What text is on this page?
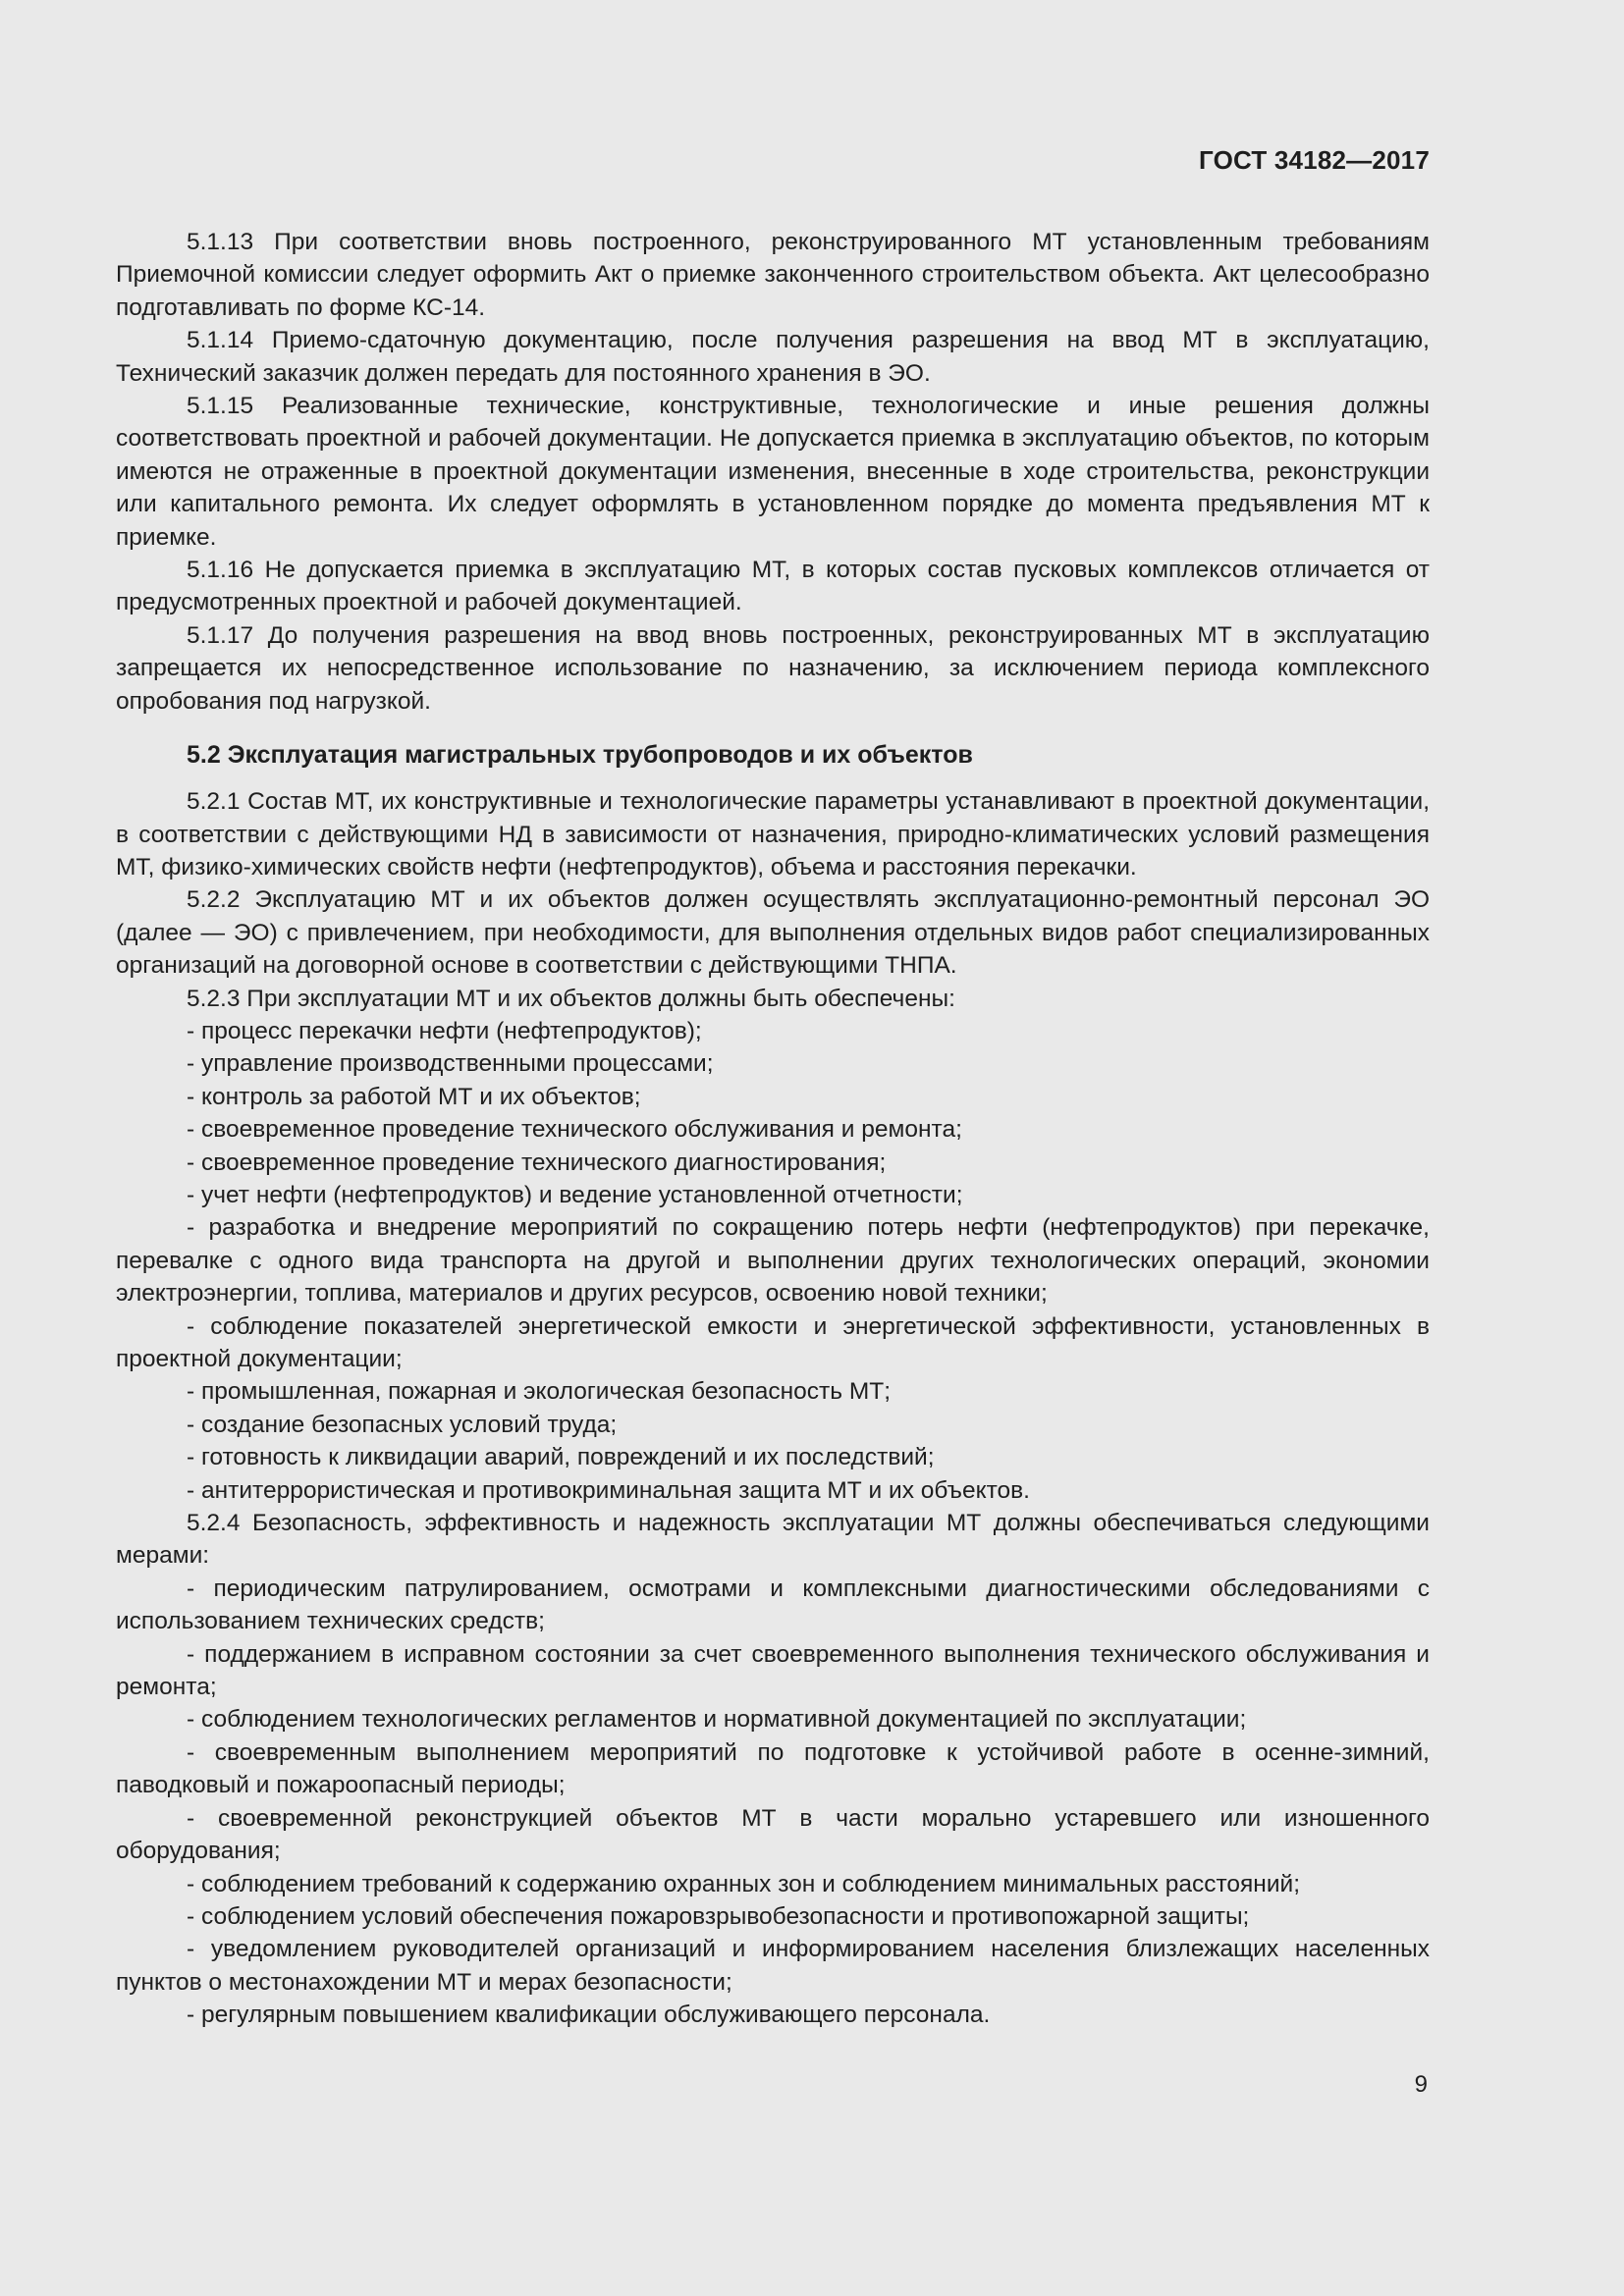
ГОСТ 34182—2017

5.1.13 При соответствии вновь построенного, реконструированного МТ установленным требованиям Приемочной комиссии следует оформить Акт о приемке законченного строительством объекта. Акт целесообразно подготавливать по форме КС-14.

5.1.14 Приемо-сдаточную документацию, после получения разрешения на ввод МТ в эксплуатацию, Технический заказчик должен передать для постоянного хранения в ЭО.

5.1.15 Реализованные технические, конструктивные, технологические и иные решения должны соответствовать проектной и рабочей документации. Не допускается приемка в эксплуатацию объектов, по которым имеются не отраженные в проектной документации изменения, внесенные в ходе строительства, реконструкции или капитального ремонта. Их следует оформлять в установленном порядке до момента предъявления МТ к приемке.

5.1.16 Не допускается приемка в эксплуатацию МТ, в которых состав пусковых комплексов отличается от предусмотренных проектной и рабочей документацией.

5.1.17 До получения разрешения на ввод вновь построенных, реконструированных МТ в эксплуатацию запрещается их непосредственное использование по назначению, за исключением периода комплексного опробования под нагрузкой.

5.2 Эксплуатация магистральных трубопроводов и их объектов

5.2.1 Состав МТ, их конструктивные и технологические параметры устанавливают в проектной документации, в соответствии с действующими НД в зависимости от назначения, природно-климатических условий размещения МТ, физико-химических свойств нефти (нефтепродуктов), объема и расстояния перекачки.

5.2.2 Эксплуатацию МТ и их объектов должен осуществлять эксплуатационно-ремонтный персонал ЭО (далее — ЭО) с привлечением, при необходимости, для выполнения отдельных видов работ специализированных организаций на договорной основе в соответствии с действующими ТНПА.

5.2.3 При эксплуатации МТ и их объектов должны быть обеспечены:

- процесс перекачки нефти (нефтепродуктов);

- управление производственными процессами;

- контроль за работой МТ и их объектов;

- своевременное проведение технического обслуживания и ремонта;

- своевременное проведение технического диагностирования;

- учет нефти (нефтепродуктов) и ведение установленной отчетности;

- разработка и внедрение мероприятий по сокращению потерь нефти (нефтепродуктов) при перекачке, перевалке с одного вида транспорта на другой и выполнении других технологических операций, экономии электроэнергии, топлива, материалов и других ресурсов, освоению новой техники;

- соблюдение показателей энергетической емкости и энергетической эффективности, установленных в проектной документации;

- промышленная, пожарная и экологическая безопасность МТ;

- создание безопасных условий труда;

- готовность к ликвидации аварий, повреждений и их последствий;

- антитеррористическая и противокриминальная защита МТ и их объектов.

5.2.4 Безопасность, эффективность и надежность эксплуатации МТ должны обеспечиваться следующими мерами:

- периодическим патрулированием, осмотрами и комплексными диагностическими обследованиями с использованием технических средств;

- поддержанием в исправном состоянии за счет своевременного выполнения технического обслуживания и ремонта;

- соблюдением технологических регламентов и нормативной документацией по эксплуатации;

- своевременным выполнением мероприятий по подготовке к устойчивой работе в осенне-зимний, паводковый и пожароопасный периоды;

- своевременной реконструкцией объектов МТ в части морально устаревшего или изношенного оборудования;

- соблюдением требований к содержанию охранных зон и соблюдением минимальных расстояний;

- соблюдением условий обеспечения пожаровзрывобезопасности и противопожарной защиты;

- уведомлением руководителей организаций и информированием населения близлежащих населенных пунктов о местонахождении МТ и мерах безопасности;

- регулярным повышением квалификации обслуживающего персонала.

9
